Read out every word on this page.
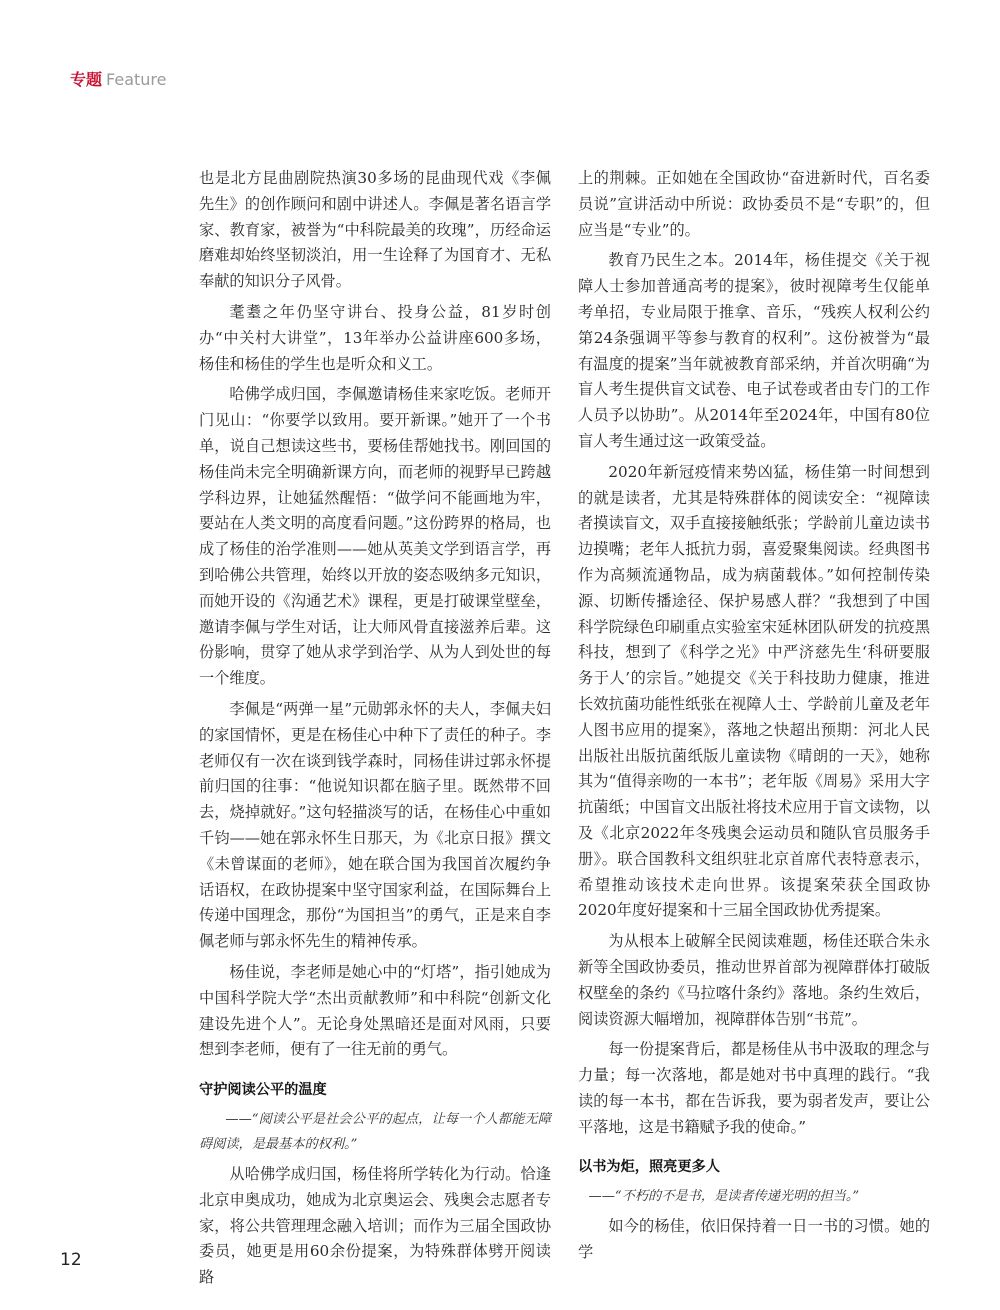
专题 Feature

也是北方昆曲剧院热演30多场的昆曲现代戏《李佩先生》的创作顾问和剧中讲述人。李佩是著名语言学家、教育家，被誉为“中科院最美的玫瑰”，历经命运磨难却始终坚韧淡泊，用一生诠释了为国育才、无私奉献的知识分子风骨。

耄耋之年仍坚守讲台、投身公益，81岁时创办“中关村大讲堂”，13年举办公益讲座600多场，杨佳和杨佳的学生也是听众和义工。

哈佛学成归国，李佩邀请杨佳来家吃饭。老师开门见山：“你要学以致用。要开新课。”她开了一个书单，说自己想读这些书，要杨佳帮她找书。刚回国的杨佳尚未完全明确新课方向，而老师的视野早已跨越学科边界，让她猛然醒悟：“做学问不能画地为牢，要站在人类文明的高度看问题。”这份跨界的格局，也成了杨佳的治学准则——她从英美文学到语言学，再到哈佛公共管理，始终以开放的姿态吸纳多元知识，而她开设的《沟通艺术》课程，更是打破课堂壁垒，邀请李佩与学生对话，让大师风骨直接滋养后辈。这份影响，贯穿了她从求学到治学、从为人到处世的每一个维度。

李佩是“两弹一星”元勋郭永怀的夫人，李佩夫妇的家国情怀，更是在杨佳心中种下了责任的种子。李老师仅有一次在谈到钱学森时，同杨佳讲过郭永怀提前归国的往事：“他说知识都在脑子里。既然带不回去，烧掉就好。”这句轻描淡写的话，在杨佳心中重如千钧——她在郭永怀生日那天，为《北京日报》撰文《未曾谋面的老师》，她在联合国为我国首次履约争话语权，在政协提案中坚守国家利益，在国际舞台上传递中国理念，那份“为国担当”的勇气，正是来自李佩老师与郭永怀先生的精神传承。

杨佳说，李老师是她心中的“灯塔”，指引她成为中国科学院大学“杰出贡献教师”和中科院“创新文化建设先进个人”。无论身处黑暗还是面对风雨，只要想到李老师，便有了一往无前的勇气。

守护阅读公平的温度
——“阅读公平是社会公平的起点，让每一个人都能无障碍阅读，是最基本的权利。”

从哈佛学成归国，杨佳将所学转化为行动。恰逢北京申奥成功，她成为北京奥运会、残奥会志愿者专家，将公共管理理念融入培训；而作为三届全国政协委员，她更是用60余份提案，为特殊群体劈开阅读路

上的荆棘。正如她在全国政协“奋进新时代，百名委员说”宣讲活动中所说：政协委员不是“专职”的，但应当是“专业”的。

教育乃民生之本。2014年，杨佳提交《关于视障人士参加普通高考的提案》，彼时视障考生仅能单考单招，专业局限于推拿、音乐，“残疾人权利公约第24条强调平等参与教育的权利”。这份被誉为“最有温度的提案”当年就被教育部采纳，并首次明确“为盲人考生提供盲文试卷、电子试卷或者由专门的工作人员予以协助”。从2014年至2024年，中国有80位盲人考生通过这一政策受益。

2020年新冠疫情来势凶猛，杨佳第一时间想到的就是读者，尤其是特殊群体的阅读安全：“视障读者摸读盲文，双手直接接触纸张；学龄前儿童边读书边摸嘴；老年人抵抗力弱，喜爱聚集阅读。经典图书作为高频流通物品，成为病菌载体。”如何控制传染源、切断传播途径、保护易感人群？“我想到了中国科学院绿色印刷重点实验室宋延林团队研发的抗疫黑科技，想到了《科学之光》中严济慈先生‘科研要服务于人’的宗旨。”她提交《关于科技助力健康，推进长效抗菌功能性纸张在视障人士、学龄前儿童及老年人图书应用的提案》，落地之快超出预期：河北人民出版社出版抗菌纸版儿童读物《晴朗的一天》，她称其为“值得亲吻的一本书”；老年版《周易》采用大字抗菌纸；中国盲文出版社将技术应用于盲文读物，以及《北京2022年冬残奥会运动员和随队官员服务手册》。联合国教科文组织驻北京首席代表特意表示，希望推动该技术走向世界。该提案荣获全国政协2020年度好提案和十三届全国政协优秀提案。

为从根本上破解全民阅读难题，杨佳还联合朱永新等全国政协委员，推动世界首部为视障群体打破版权壁垒的条约《马拉喀什条约》落地。条约生效后，阅读资源大幅增加，视障群体告别“书荒”。

每一份提案背后，都是杨佳从书中汲取的理念与力量；每一次落地，都是她对书中真理的践行。“我读的每一本书，都在告诉我，要为弱者发声，要让公平落地，这是书籍赋予我的使命。”

以书为炬，照亮更多人
——“不朽的不是书，是读者传递光明的担当。”

如今的杨佳，依旧保持着一日一书的习惯。她的学

12
